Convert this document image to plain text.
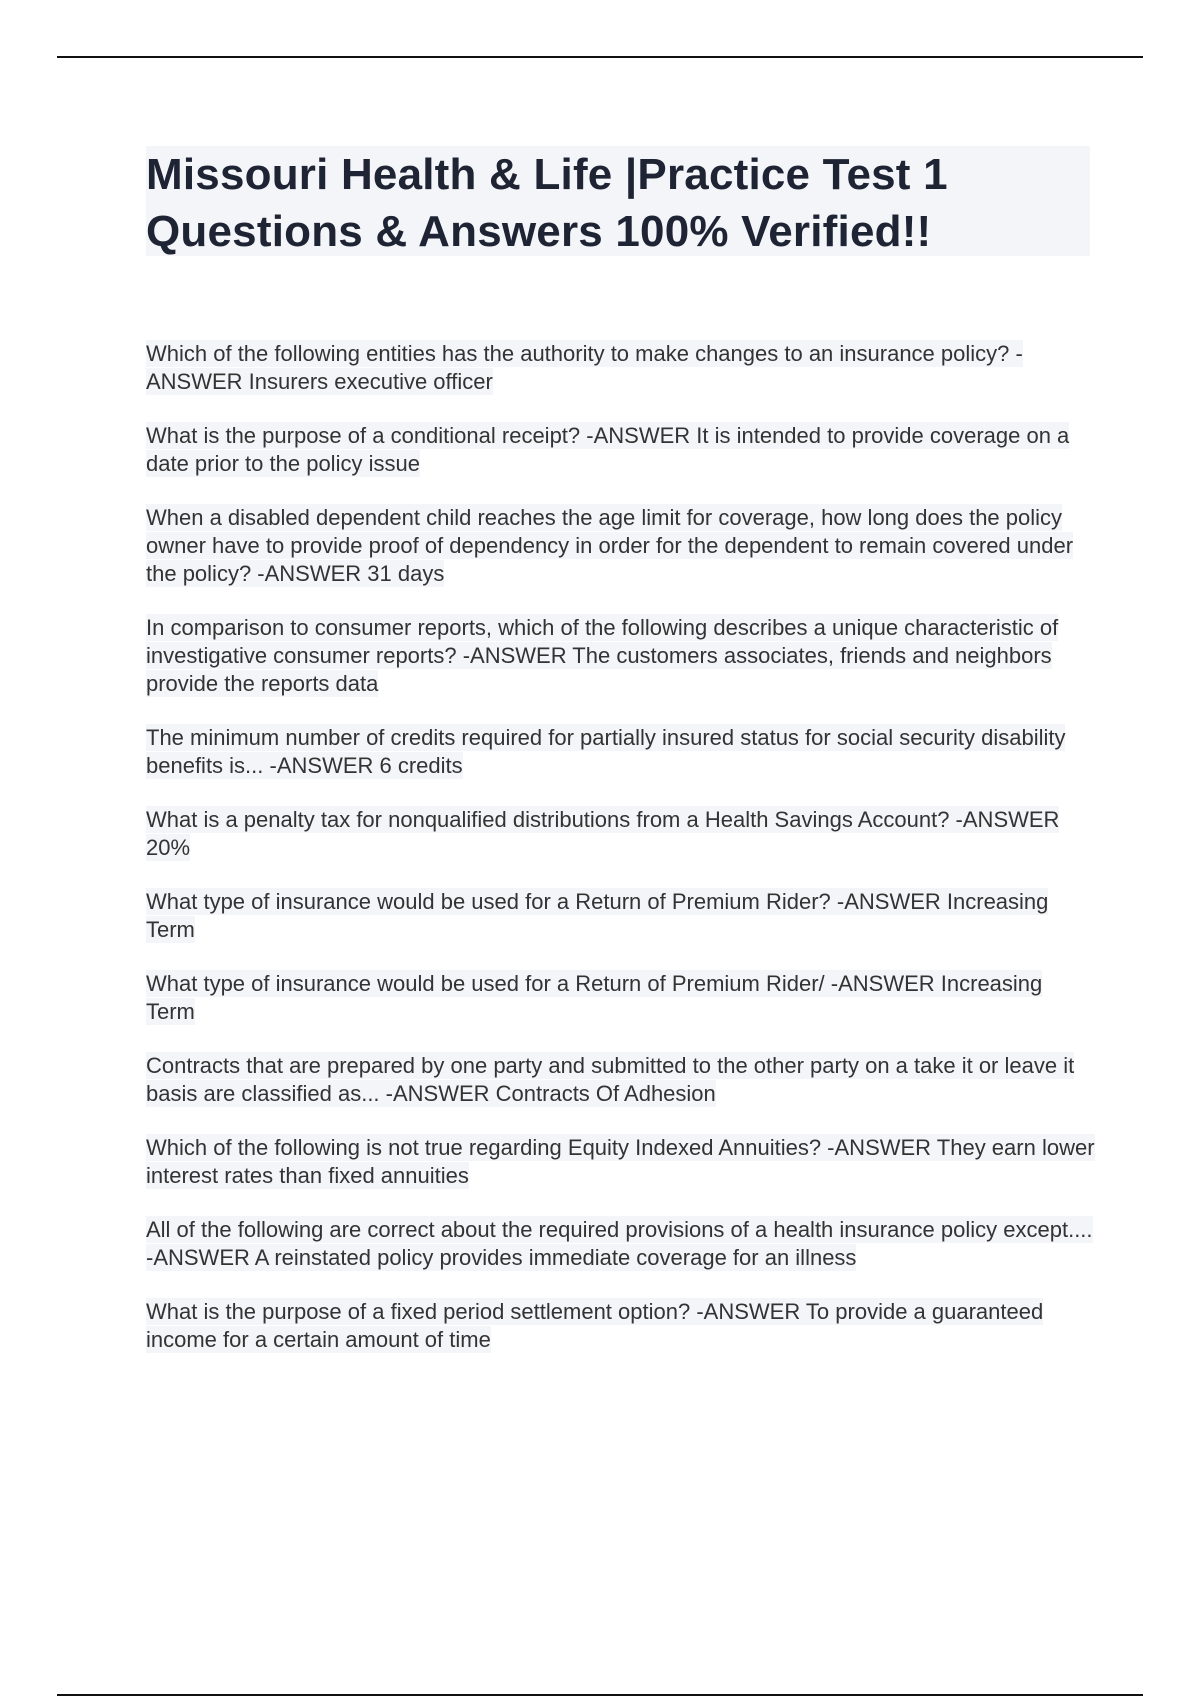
Missouri Health & Life |Practice Test 1
Questions & Answers 100% Verified!!

Which of the following entities has the authority to make changes to an insurance policy? -ANSWER Insurers executive officer

What is the purpose of a conditional receipt? -ANSWER It is intended to provide coverage on a date prior to the policy issue

When a disabled dependent child reaches the age limit for coverage, how long does the policy owner have to provide proof of dependency in order for the dependent to remain covered under the policy? -ANSWER 31 days

In comparison to consumer reports, which of the following describes a unique characteristic of investigative consumer reports? -ANSWER The customers associates, friends and neighbors provide the reports data

The minimum number of credits required for partially insured status for social security disability benefits is... -ANSWER 6 credits

What is a penalty tax for nonqualified distributions from a Health Savings Account? -ANSWER 20%

What type of insurance would be used for a Return of Premium Rider? -ANSWER Increasing Term

What type of insurance would be used for a Return of Premium Rider/ -ANSWER Increasing Term

Contracts that are prepared by one party and submitted to the other party on a take it or leave it basis are classified as... -ANSWER Contracts Of Adhesion

Which of the following is not true regarding Equity Indexed Annuities? -ANSWER They earn lower interest rates than fixed annuities

All of the following are correct about the required provisions of a health insurance policy except.... -ANSWER A reinstated policy provides immediate coverage for an illness

What is the purpose of a fixed period settlement option? -ANSWER To provide a guaranteed income for a certain amount of time
